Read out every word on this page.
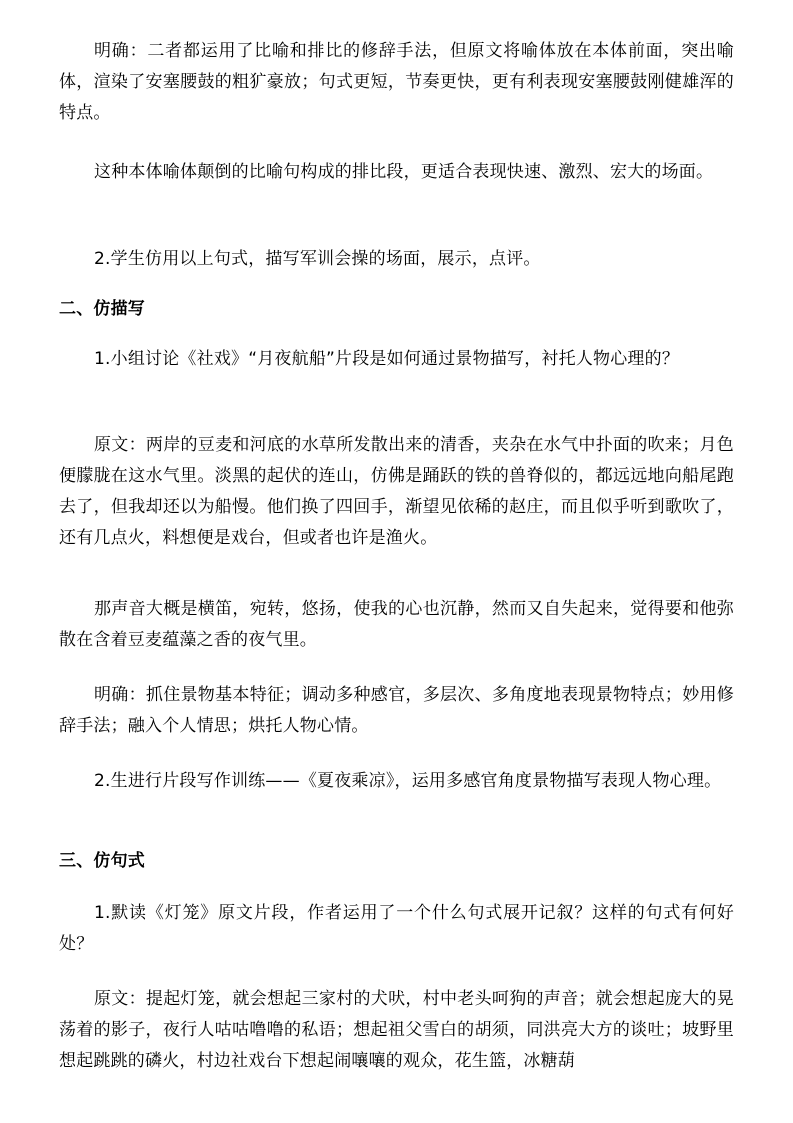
明确：二者都运用了比喻和排比的修辞手法，但原文将喻体放在本体前面，突出喻体，渲染了安塞腰鼓的粗犷豪放；句式更短，节奏更快，更有利表现安塞腰鼓刚健雄浑的特点。

这种本体喻体颠倒的比喻句构成的排比段，更适合表现快速、激烈、宏大的场面。

2.学生仿用以上句式，描写军训会操的场面，展示，点评。

二、仿描写

1.小组讨论《社戏》“月夜航船”片段是如何通过景物描写，衬托人物心理的？

原文：两岸的豆麦和河底的水草所发散出来的清香，夹杂在水气中扑面的吹来；月色便朦胧在这水气里。淡黑的起伏的连山，仿佛是踊跃的铁的兽脊似的，都远远地向船尾跑去了，但我却还以为船慢。他们换了四回手，渐望见依稀的赵庄，而且似乎听到歌吹了，还有几点火，料想便是戏台，但或者也许是渔火。

那声音大概是横笛，宛转，悠扬，使我的心也沉静，然而又自失起来，觉得要和他弥散在含着豆麦蕴藻之香的夜气里。

明确：抓住景物基本特征；调动多种感官，多层次、多角度地表现景物特点；妙用修辞手法；融入个人情思；烘托人物心情。

2.生进行片段写作训练——《夏夜乘凉》，运用多感官角度景物描写表现人物心理。

三、仿句式

1.默读《灯笼》原文片段，作者运用了一个什么句式展开记叙？这样的句式有何好处？

原文：提起灯笼，就会想起三家村的犬吠，村中老头呵狗的声音；就会想起庞大的晃荡着的影子，夜行人咕咕噜噜的私语；想起祖父雪白的胡须，同洪亮大方的谈吐；坡野里想起跳跳的磷火，村边社戏台下想起闹嚷嚷的观众，花生篮，冰糖葫
